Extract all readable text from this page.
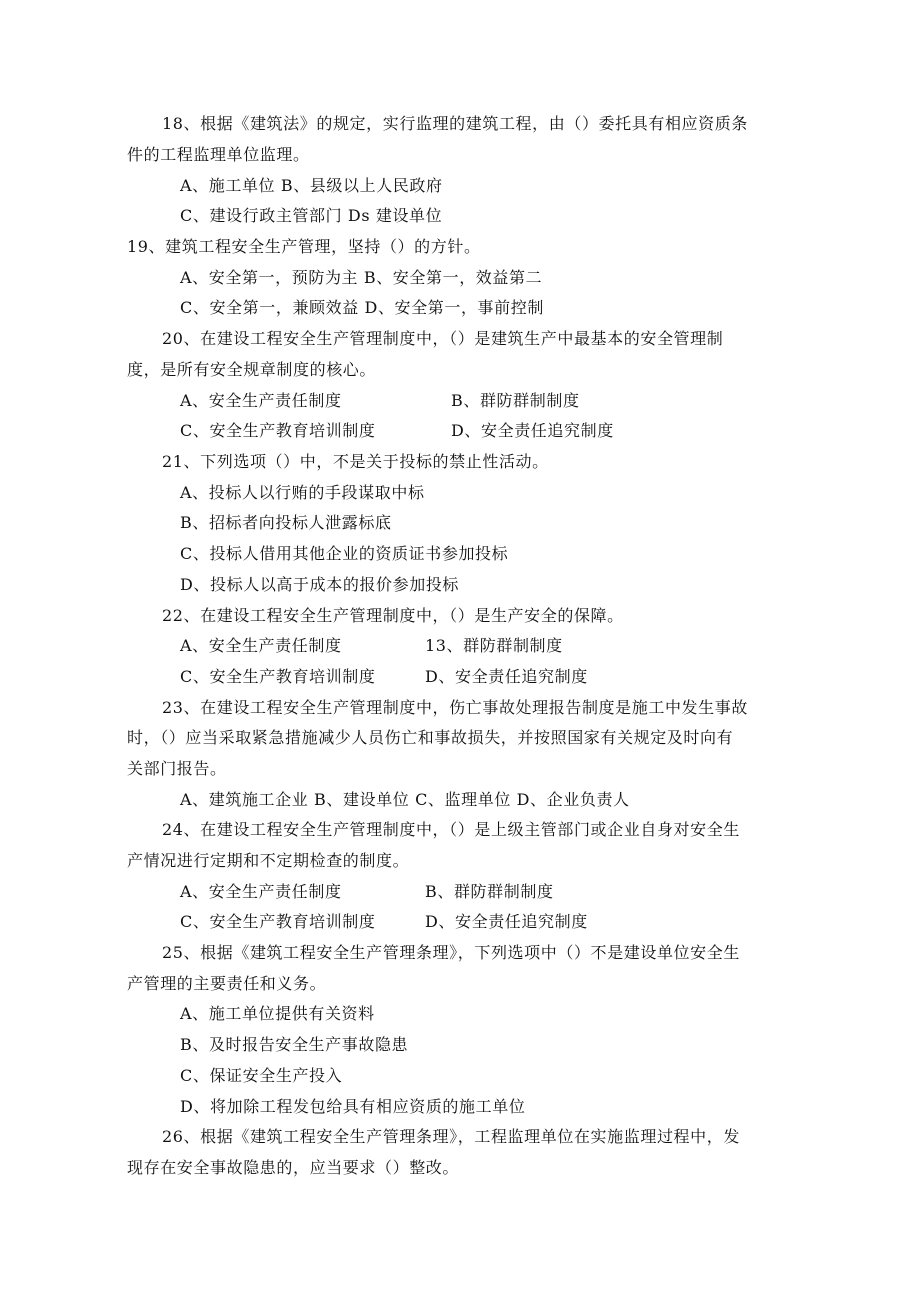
18、根据《建筑法》的规定，实行监理的建筑工程，由（）委托具有相应资质条
件的工程监理单位监理。
A、施工单位 B、县级以上人民政府
C、建设行政主管部门 Ds 建设单位
19、建筑工程安全生产管理，坚持（）的方针。
A、安全第一，预防为主 B、安全第一，效益第二
C、安全第一，兼顾效益 D、安全第一，事前控制
20、在建设工程安全生产管理制度中，（）是建筑生产中最基本的安全管理制
度，是所有安全规章制度的核心。
A、安全生产责任制度	B、群防群制制度
C、安全生产教育培训制度	D、安全责任追究制度
21、下列选项（）中，不是关于投标的禁止性活动。
A、投标人以行贿的手段谋取中标
B、招标者向投标人泄露标底
C、投标人借用其他企业的资质证书参加投标
D、投标人以高于成本的报价参加投标
22、在建设工程安全生产管理制度中，（）是生产安全的保障。
A、安全生产责任制度	13、群防群制制度
C、安全生产教育培训制度	D、安全责任追究制度
23、在建设工程安全生产管理制度中，伤亡事故处理报告制度是施工中发生事故
时，（）应当采取紧急措施减少人员伤亡和事故损失，并按照国家有关规定及时向有
关部门报告。
A、建筑施工企业 B、建设单位 C、监理单位 D、企业负责人
24、在建设工程安全生产管理制度中，（）是上级主管部门或企业自身对安全生
产情况进行定期和不定期检查的制度。
A、安全生产责任制度	B、群防群制制度
C、安全生产教育培训制度	D、安全责任追究制度
25、根据《建筑工程安全生产管理条理》，下列选项中（）不是建设单位安全生
产管理的主要责任和义务。
A、施工单位提供有关资料
B、及时报告安全生产事故隐患
C、保证安全生产投入
D、将加除工程发包给具有相应资质的施工单位
26、根据《建筑工程安全生产管理条理》，工程监理单位在实施监理过程中，发
现存在安全事故隐患的，应当要求（）整改。
